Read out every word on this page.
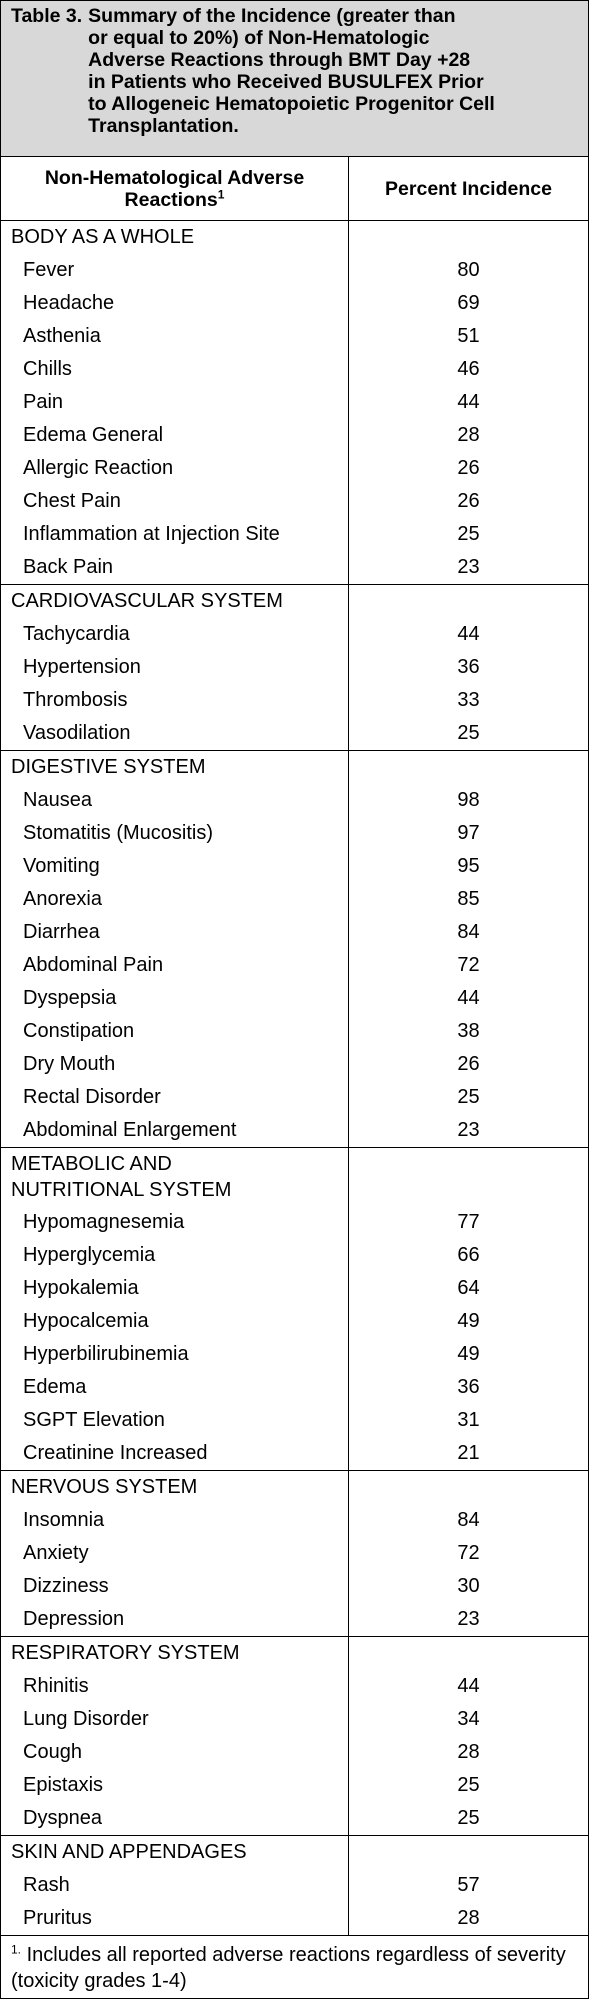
Table 3. Summary of the Incidence (greater than
or equal to 20%) of Non-Hematologic
Adverse Reactions through BMT Day +28
in Patients who Received BUSULFEX Prior
to Allogeneic Hematopoietic Progenitor Cell
Transplantation.
Non-Hematological Adverse
Reactions$^1$	Percent Incidence
BODY AS A WHOLE	
Fever	80
Headache	69
Asthenia	51
Chills	46
Pain	44
Edema General	28
Allergic Reaction	26
Chest Pain	26
Inflammation at Injection Site	25
Back Pain	23
CARDIOVASCULAR SYSTEM	
Tachycardia	44
Hypertension	36
Thrombosis	33
Vasodilation	25
DIGESTIVE SYSTEM	
Nausea	98
Stomatitis (Mucositis)	97
Vomiting	95
Anorexia	85
Diarrhea	84
Abdominal Pain	72
Dyspepsia	44
Constipation	38
Dry Mouth	26
Rectal Disorder	25
Abdominal Enlargement	23
METABOLIC AND
NUTRITIONAL SYSTEM	
Hypomagnesemia	77
Hyperglycemia	66
Hypokalemia	64
Hypocalcemia	49
Hyperbilirubinemia	49
Edema	36
SGPT Elevation	31
Creatinine Increased	21
NERVOUS SYSTEM	
Insomnia	84
Anxiety	72
Dizziness	30
Depression	23
RESPIRATORY SYSTEM	
Rhinitis	44
Lung Disorder	34
Cough	28
Epistaxis	25
Dyspnea	25
SKIN AND APPENDAGES	
Rash	57
Pruritus	28
$^{1.}$ Includes all reported adverse reactions regardless of severity (toxicity grades 1-4)
